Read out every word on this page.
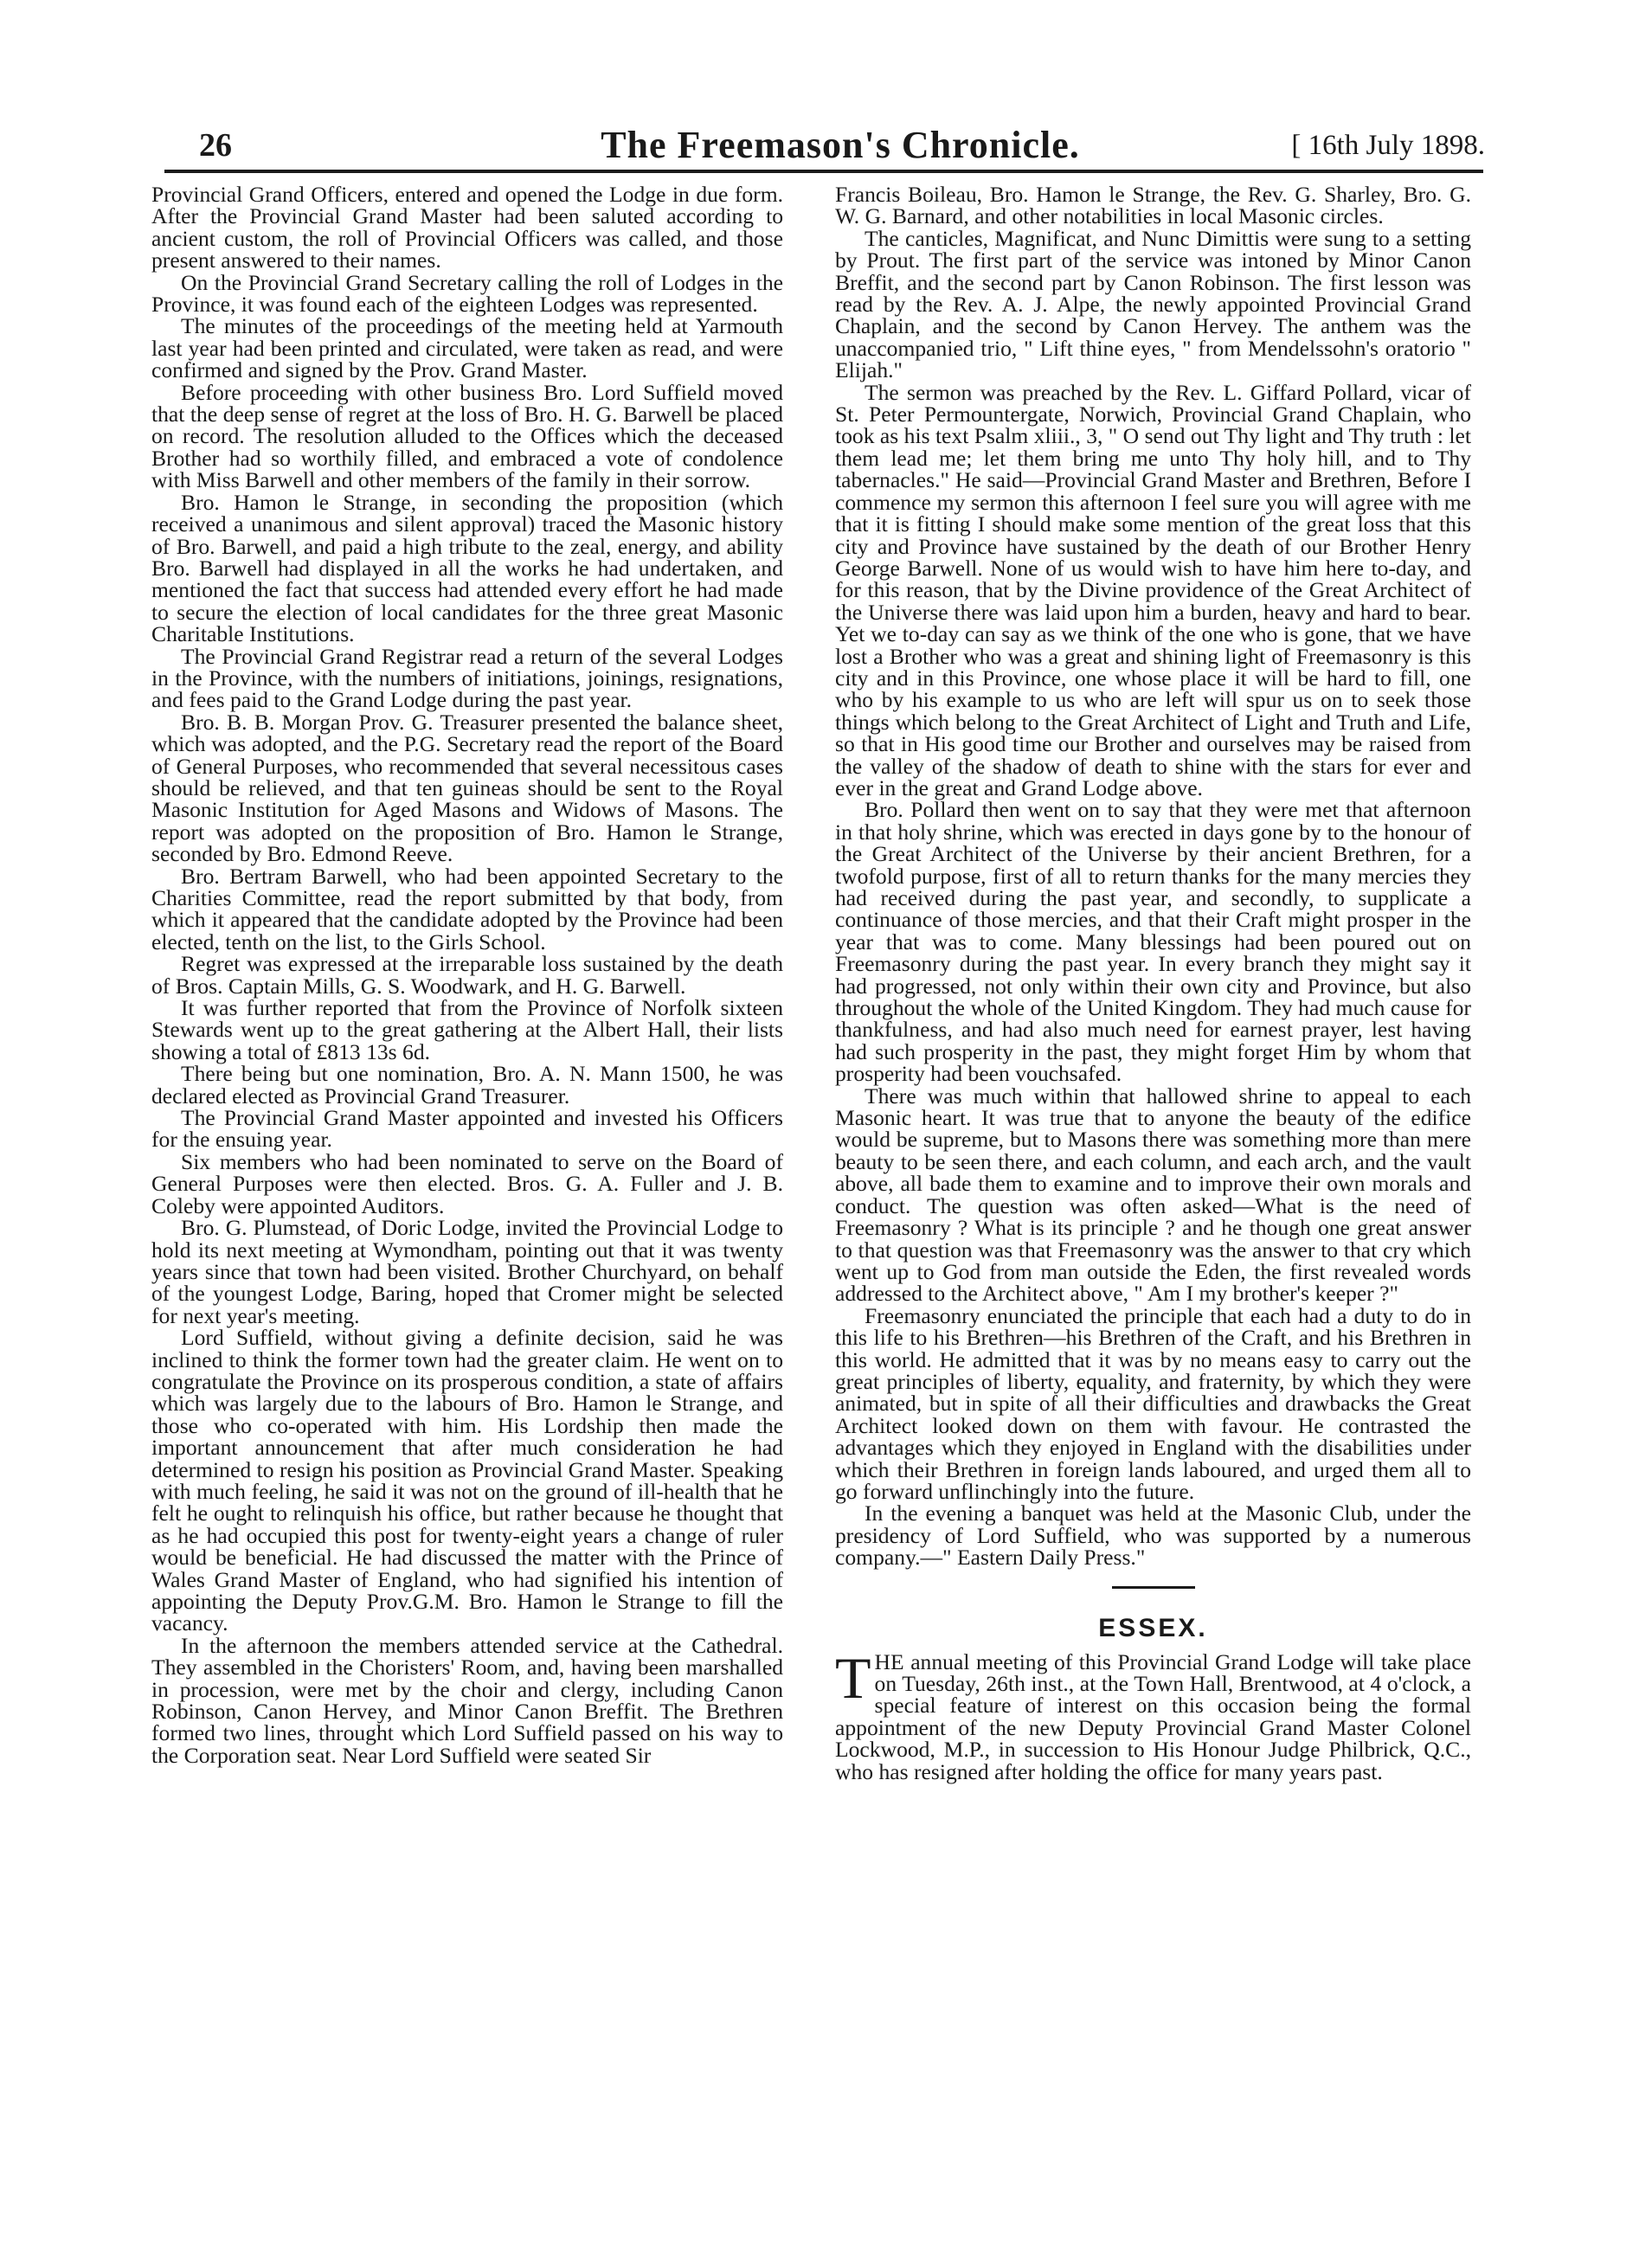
26	The Freemason's Chronicle.	[ 16th July 1898.

Provincial Grand Officers, entered and opened the Lodge in due form. After the Provincial Grand Master had been saluted according to ancient custom, the roll of Provincial Officers was called, and those present answered to their names.

On the Provincial Grand Secretary calling the roll of Lodges in the Province, it was found each of the eighteen Lodges was represented.

The minutes of the proceedings of the meeting held at Yarmouth last year had been printed and circulated, were taken as read, and were confirmed and signed by the Prov. Grand Master.

Before proceeding with other business Bro. Lord Suffield moved that the deep sense of regret at the loss of Bro. H. G. Barwell be placed on record. The resolution alluded to the Offices which the deceased Brother had so worthily filled, and embraced a vote of condolence with Miss Barwell and other members of the family in their sorrow.

Bro. Hamon le Strange, in seconding the proposition (which received a unanimous and silent approval) traced the Masonic history of Bro. Barwell, and paid a high tribute to the zeal, energy, and ability Bro. Barwell had displayed in all the works he had undertaken, and mentioned the fact that success had attended every effort he had made to secure the election of local candidates for the three great Masonic Charitable Institutions.

The Provincial Grand Registrar read a return of the several Lodges in the Province, with the numbers of initiations, joinings, resignations, and fees paid to the Grand Lodge during the past year.

Bro. B. B. Morgan Prov. G. Treasurer presented the balance sheet, which was adopted, and the P.G. Secretary read the report of the Board of General Purposes, who recommended that several necessitous cases should be relieved, and that ten guineas should be sent to the Royal Masonic Institution for Aged Masons and Widows of Masons. The report was adopted on the proposition of Bro. Hamon le Strange, seconded by Bro. Edmond Reeve.

Bro. Bertram Barwell, who had been appointed Secretary to the Charities Committee, read the report submitted by that body, from which it appeared that the candidate adopted by the Province had been elected, tenth on the list, to the Girls School.

Regret was expressed at the irreparable loss sustained by the death of Bros. Captain Mills, G. S. Woodwark, and H. G. Barwell.

It was further reported that from the Province of Norfolk sixteen Stewards went up to the great gathering at the Albert Hall, their lists showing a total of £813 13s 6d.

There being but one nomination, Bro. A. N. Mann 1500, he was declared elected as Provincial Grand Treasurer.

The Provincial Grand Master appointed and invested his Officers for the ensuing year.

Six members who had been nominated to serve on the Board of General Purposes were then elected. Bros. G. A. Fuller and J. B. Coleby were appointed Auditors.

Bro. G. Plumstead, of Doric Lodge, invited the Provincial Lodge to hold its next meeting at Wymondham, pointing out that it was twenty years since that town had been visited. Brother Churchyard, on behalf of the youngest Lodge, Baring, hoped that Cromer might be selected for next year's meeting.

Lord Suffield, without giving a definite decision, said he was inclined to think the former town had the greater claim. He went on to congratulate the Province on its prosperous condition, a state of affairs which was largely due to the labours of Bro. Hamon le Strange, and those who co-operated with him. His Lordship then made the important announcement that after much consideration he had determined to resign his position as Provincial Grand Master. Speaking with much feeling, he said it was not on the ground of ill-health that he felt he ought to relinquish his office, but rather because he thought that as he had occupied this post for twenty-eight years a change of ruler would be beneficial. He had discussed the matter with the Prince of Wales Grand Master of England, who had signified his intention of appointing the Deputy Prov.G.M. Bro. Hamon le Strange to fill the vacancy.

In the afternoon the members attended service at the Cathedral. They assembled in the Choristers' Room, and, having been marshalled in procession, were met by the choir and clergy, including Canon Robinson, Canon Hervey, and Minor Canon Breffit. The Brethren formed two lines, throught which Lord Suffield passed on his way to the Corporation seat. Near Lord Suffield were seated Sir

Francis Boileau, Bro. Hamon le Strange, the Rev. G. Sharley, Bro. G. W. G. Barnard, and other notabilities in local Masonic circles.

The canticles, Magnificat, and Nunc Dimittis were sung to a setting by Prout. The first part of the service was intoned by Minor Canon Breffit, and the second part by Canon Robinson. The first lesson was read by the Rev. A. J. Alpe, the newly appointed Provincial Grand Chaplain, and the second by Canon Hervey. The anthem was the unaccompanied trio, " Lift thine eyes, " from Mendelssohn's oratorio " Elijah."

The sermon was preached by the Rev. L. Giffard Pollard, vicar of St. Peter Permountergate, Norwich, Provincial Grand Chaplain, who took as his text Psalm xliii., 3, " O send out Thy light and Thy truth : let them lead me; let them bring me unto Thy holy hill, and to Thy tabernacles." He said—Provincial Grand Master and Brethren, Before I commence my sermon this afternoon I feel sure you will agree with me that it is fitting I should make some mention of the great loss that this city and Province have sustained by the death of our Brother Henry George Barwell. None of us would wish to have him here to-day, and for this reason, that by the Divine providence of the Great Architect of the Universe there was laid upon him a burden, heavy and hard to bear. Yet we to-day can say as we think of the one who is gone, that we have lost a Brother who was a great and shining light of Freemasonry is this city and in this Province, one whose place it will be hard to fill, one who by his example to us who are left will spur us on to seek those things which belong to the Great Architect of Light and Truth and Life, so that in His good time our Brother and ourselves may be raised from the valley of the shadow of death to shine with the stars for ever and ever in the great and Grand Lodge above.

Bro. Pollard then went on to say that they were met that afternoon in that holy shrine, which was erected in days gone by to the honour of the Great Architect of the Universe by their ancient Brethren, for a twofold purpose, first of all to return thanks for the many mercies they had received during the past year, and secondly, to supplicate a continuance of those mercies, and that their Craft might prosper in the year that was to come. Many blessings had been poured out on Freemasonry during the past year. In every branch they might say it had progressed, not only within their own city and Province, but also throughout the whole of the United Kingdom. They had much cause for thankfulness, and had also much need for earnest prayer, lest having had such prosperity in the past, they might forget Him by whom that prosperity had been vouchsafed.

There was much within that hallowed shrine to appeal to each Masonic heart. It was true that to anyone the beauty of the edifice would be supreme, but to Masons there was something more than mere beauty to be seen there, and each column, and each arch, and the vault above, all bade them to examine and to improve their own morals and conduct. The question was often asked—What is the need of Freemasonry ? What is its principle ? and he though one great answer to that question was that Freemasonry was the answer to that cry which went up to God from man outside the Eden, the first revealed words addressed to the Architect above, " Am I my brother's keeper ?"

Freemasonry enunciated the principle that each had a duty to do in this life to his Brethren—his Brethren of the Craft, and his Brethren in this world. He admitted that it was by no means easy to carry out the great principles of liberty, equality, and fraternity, by which they were animated, but in spite of all their difficulties and drawbacks the Great Architect looked down on them with favour. He contrasted the advantages which they enjoyed in England with the disabilities under which their Brethren in foreign lands laboured, and urged them all to go forward unflinchingly into the future.

In the evening a banquet was held at the Masonic Club, under the presidency of Lord Suffield, who was supported by a numerous company.—" Eastern Daily Press."

ESSEX.

THE annual meeting of this Provincial Grand Lodge will take place on Tuesday, 26th inst., at the Town Hall, Brentwood, at 4 o'clock, a special feature of interest on this occasion being the formal appointment of the new Deputy Provincial Grand Master Colonel Lockwood, M.P., in succession to His Honour Judge Philbrick, Q.C., who has resigned after holding the office for many years past.
